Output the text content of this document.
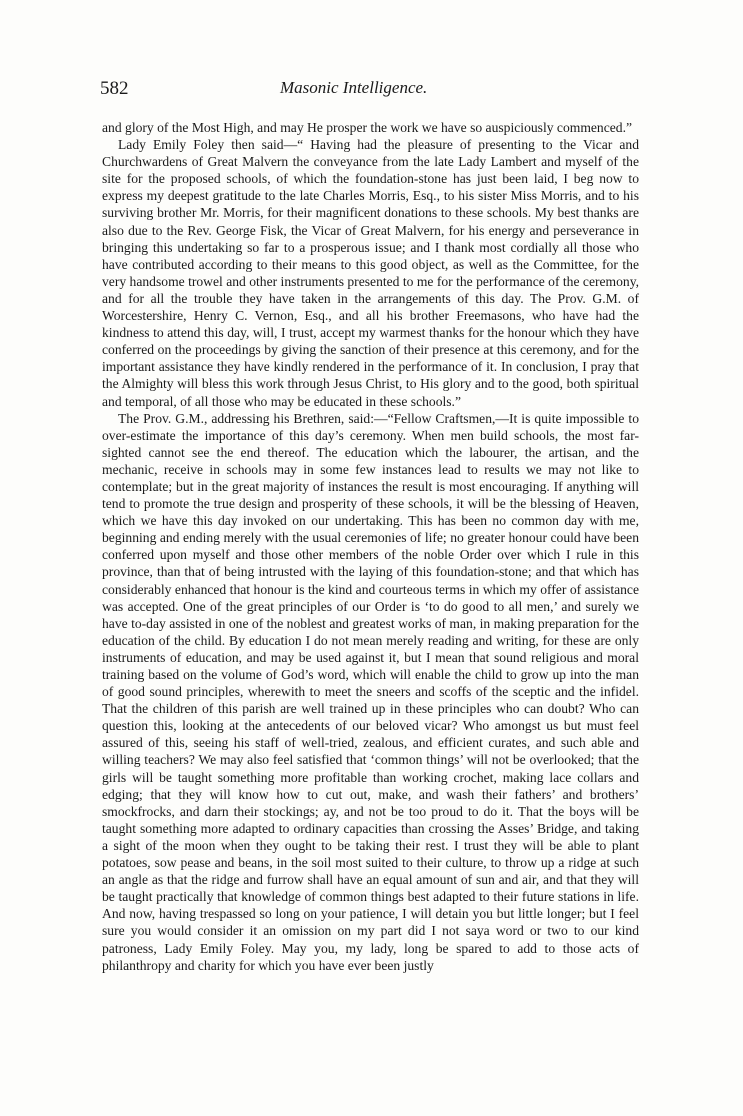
582	Masonic Intelligence.

and glory of the Most High, and may He prosper the work we have so auspiciously commenced.”

Lady Emily Foley then said—“ Having had the pleasure of presenting to the Vicar and Churchwardens of Great Malvern the conveyance from the late Lady Lambert and myself of the site for the proposed schools, of which the foundation-stone has just been laid, I beg now to express my deepest gratitude to the late Charles Morris, Esq., to his sister Miss Morris, and to his surviving brother Mr. Morris, for their magnificent donations to these schools. My best thanks are also due to the Rev. George Fisk, the Vicar of Great Malvern, for his energy and perseverance in bringing this undertaking so far to a prosperous issue; and I thank most cordially all those who have contributed according to their means to this good object, as well as the Committee, for the very handsome trowel and other instruments presented to me for the performance of the ceremony, and for all the trouble they have taken in the arrangements of this day. The Prov. G.M. of Worcestershire, Henry C. Vernon, Esq., and all his brother Freemasons, who have had the kindness to attend this day, will, I trust, accept my warmest thanks for the honour which they have conferred on the proceedings by giving the sanction of their presence at this ceremony, and for the important assistance they have kindly rendered in the performance of it. In conclusion, I pray that the Almighty will bless this work through Jesus Christ, to His glory and to the good, both spiritual and temporal, of all those who may be educated in these schools.”

The Prov. G.M., addressing his Brethren, said:—“Fellow Craftsmen,—It is quite impossible to over-estimate the importance of this day’s ceremony. When men build schools, the most far-sighted cannot see the end thereof. The education which the labourer, the artisan, and the mechanic, receive in schools may in some few instances lead to results we may not like to contemplate; but in the great majority of instances the result is most encouraging. If anything will tend to promote the true design and prosperity of these schools, it will be the blessing of Heaven, which we have this day invoked on our undertaking. This has been no common day with me, beginning and ending merely with the usual ceremonies of life; no greater honour could have been conferred upon myself and those other members of the noble Order over which I rule in this province, than that of being intrusted with the laying of this foundation-stone; and that which has considerably enhanced that honour is the kind and courteous terms in which my offer of assistance was accepted. One of the great principles of our Order is ‘to do good to all men,’ and surely we have to-day assisted in one of the noblest and greatest works of man, in making preparation for the education of the child. By education I do not mean merely reading and writing, for these are only instruments of education, and may be used against it, but I mean that sound religious and moral training based on the volume of God’s word, which will enable the child to grow up into the man of good sound principles, wherewith to meet the sneers and scoffs of the sceptic and the infidel. That the children of this parish are well trained up in these principles who can doubt? Who can question this, looking at the antecedents of our beloved vicar? Who amongst us but must feel assured of this, seeing his staff of well-tried, zealous, and efficient curates, and such able and willing teachers? We may also feel satisfied that ‘common things’ will not be overlooked; that the girls will be taught something more profitable than working crochet, making lace collars and edging; that they will know how to cut out, make, and wash their fathers’ and brothers’ smockfrocks, and darn their stockings; ay, and not be too proud to do it. That the boys will be taught something more adapted to ordinary capacities than crossing the Asses’ Bridge, and taking a sight of the moon when they ought to be taking their rest. I trust they will be able to plant potatoes, sow pease and beans, in the soil most suited to their culture, to throw up a ridge at such an angle as that the ridge and furrow shall have an equal amount of sun and air, and that they will be taught practically that knowledge of common things best adapted to their future stations in life. And now, having trespassed so long on your patience, I will detain you but little longer; but I feel sure you would consider it an omission on my part did I not saya word or two to our kind patroness, Lady Emily Foley. May you, my lady, long be spared to add to those acts of philanthropy and charity for which you have ever been justly
